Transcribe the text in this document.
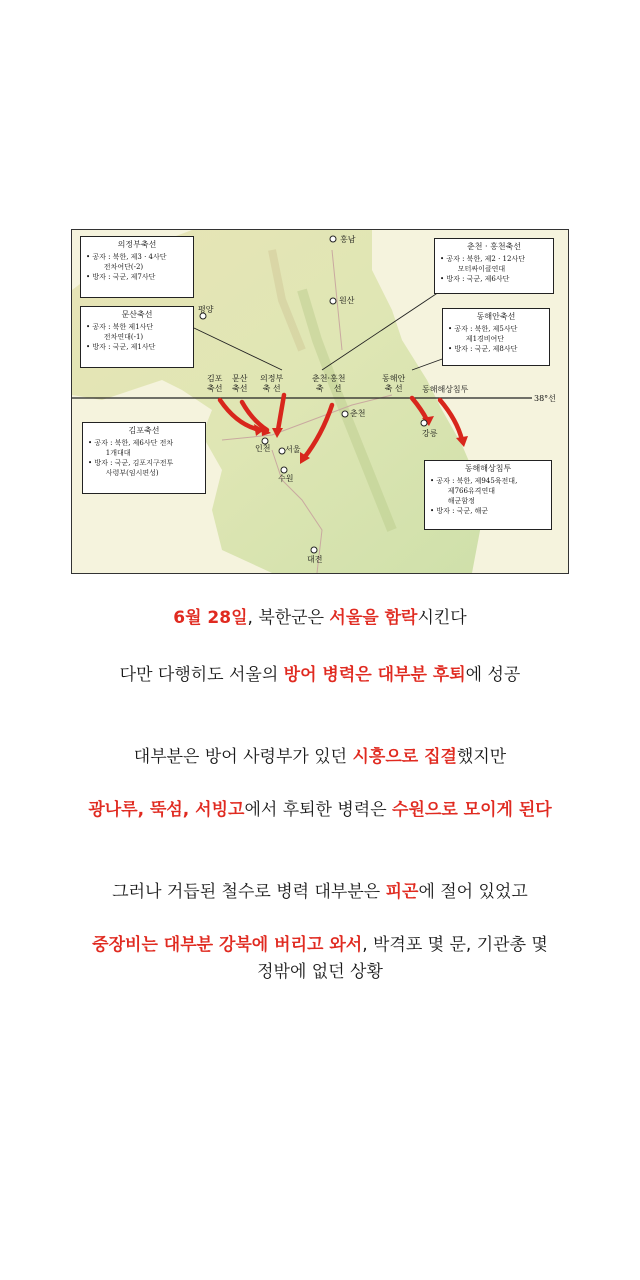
홍남
원산
평양
춘천
강릉
인천 서울
수원
대전
38°선
김포
축선
문산
축선
의정부
축 선
춘천·홍천
축    선
동해안
축 선	동해해상침투
의정부축선
• 공자 : 북한, 제3 · 4사단
전차여단(-2)
• 방자 : 국군, 제7사단
문산축선
• 공자 : 북한 제1사단
전차연대(-1)
• 방자 : 국군, 제1사단
김포축선
• 공자 : 북한, 제6사단 전차
1개대대
• 방자 : 국군, 김포지구전투
사령부(임시편성)
춘천 · 홍천축선
• 공자 : 북한, 제2 · 12사단
모터싸이클연대
• 방자 : 국군, 제6사단
동해안축선
• 공자 : 북한, 제5사단
제1경비여단
• 방자 : 국군, 제8사단
동해해상침투
• 공자 : 북한, 제945육전대,
제766유격연대
해군함정
• 방자 : 국군, 해군
6월 28일, 북한군은 서울을 함락시킨다
다만 다행히도 서울의 방어 병력은 대부분 후퇴에 성공
대부분은 방어 사령부가 있던 시흥으로 집결했지만
광나루, 뚝섬, 서빙고에서 후퇴한 병력은 수원으로 모이게 된다
그러나 거듭된 철수로 병력 대부분은 피곤에 절어 있었고
중장비는 대부분 강북에 버리고 와서, 박격포 몇 문, 기관총 몇
정밖에 없던 상황
